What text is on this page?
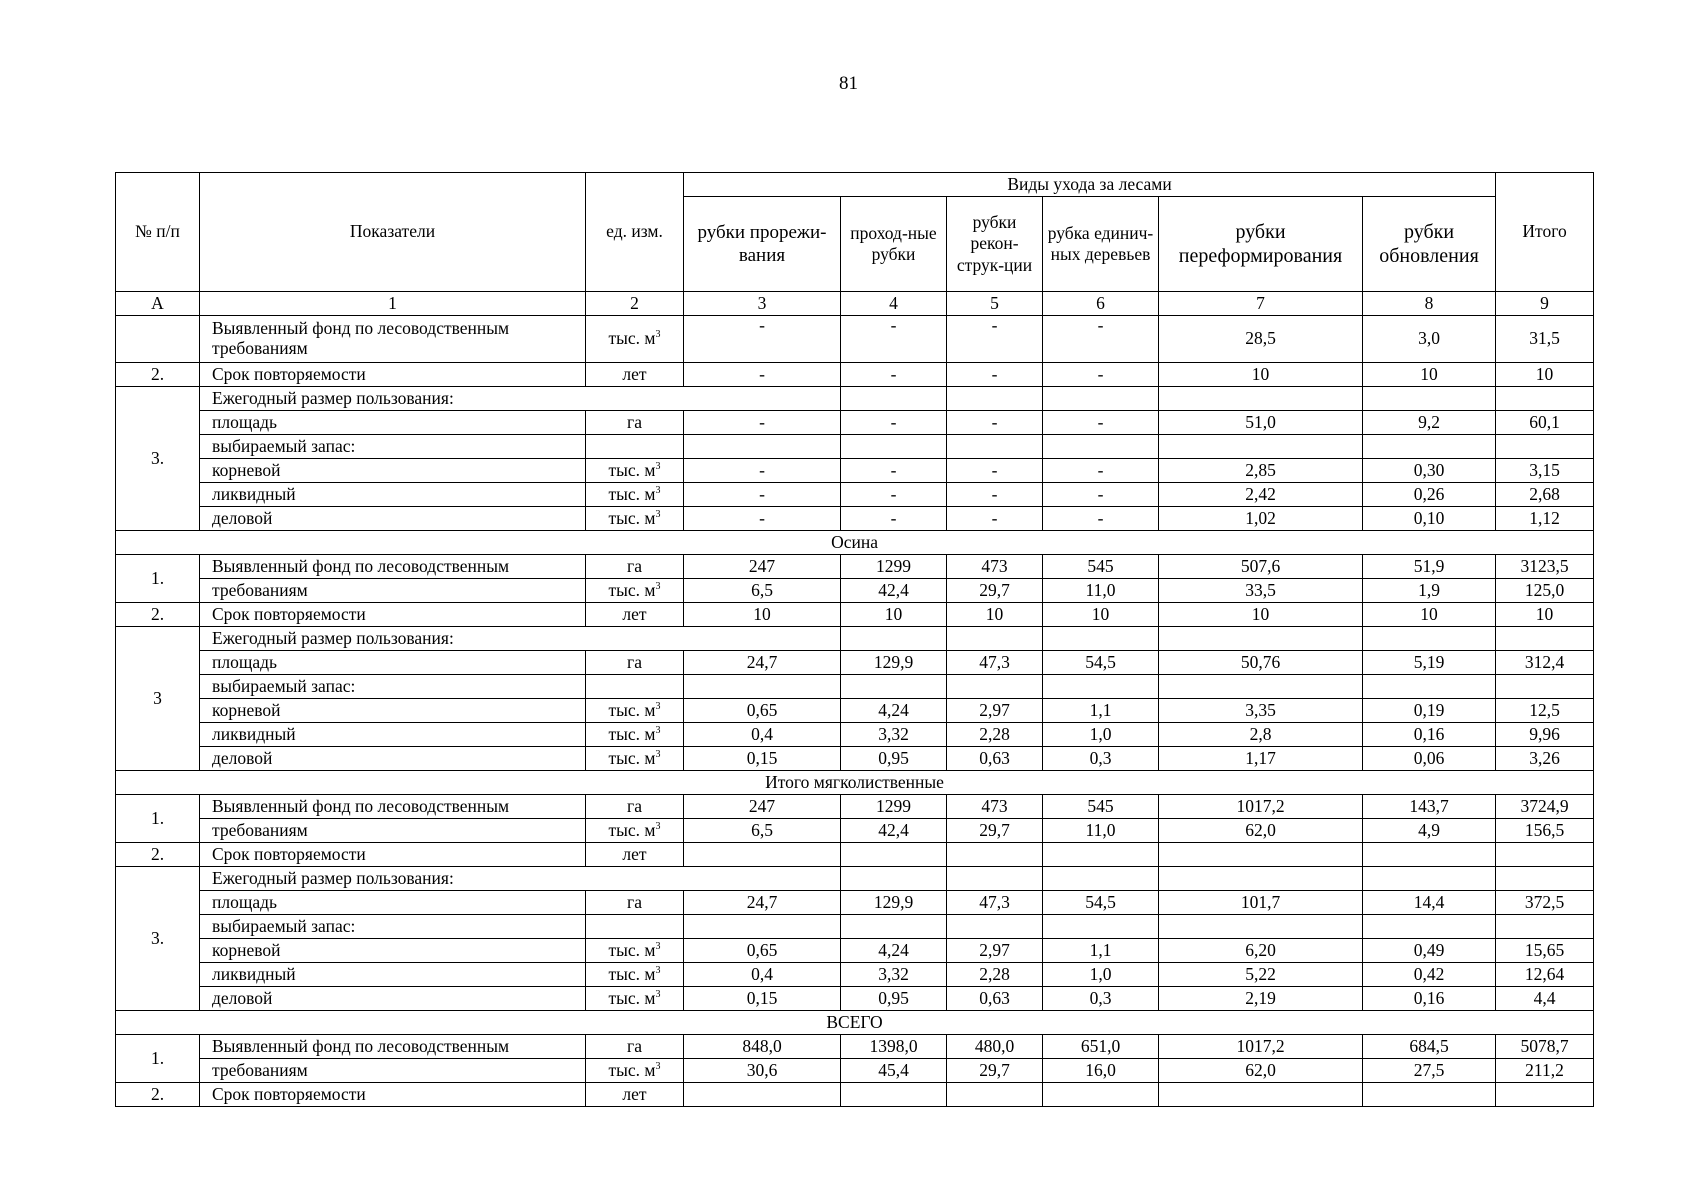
81
№ п/п	Показатели	ед. изм.	Виды ухода за лесами						Итого
			рубки прорежи-вания	проход-ные рубки	рубки рекон-струк-ции	рубка единич-ных деревьев	рубки переформирования	рубки обновления	
А	1	2	3	4	5	6	7	8	9
	Выявленный фонд по лесоводственным требованиям	тыс. $м^3$	-	-	-	-	28,5	3,0	31,5
2.	Срок повторяемости	лет	-	-	-	-	10	10	10
3.	Ежегодный размер пользования:								
	площадь	га	-	-	-	-	51,0	9,2	60,1
	выбираемый запас:								
	корневой	тыс. $м^3$	-	-	-	-	2,85	0,30	3,15
	ликвидный	тыс. $м^3$	-	-	-	-	2,42	0,26	2,68
	деловой	тыс. $м^3$	-	-	-	-	1,02	0,10	1,12
Осина									
1.	Выявленный фонд по лесоводственным	га	247	1299	473	545	507,6	51,9	3123,5
	требованиям	тыс. $м^3$	6,5	42,4	29,7	11,0	33,5	1,9	125,0
2.	Срок повторяемости	лет	10	10	10	10	10	10	10
3	Ежегодный размер пользования:								
	площадь	га	24,7	129,9	47,3	54,5	50,76	5,19	312,4
	выбираемый запас:								
	корневой	тыс. $м^3$	0,65	4,24	2,97	1,1	3,35	0,19	12,5
	ликвидный	тыс. $м^3$	0,4	3,32	2,28	1,0	2,8	0,16	9,96
	деловой	тыс. $м^3$	0,15	0,95	0,63	0,3	1,17	0,06	3,26
Итого мягколиственные									
1.	Выявленный фонд по лесоводственным	га	247	1299	473	545	1017,2	143,7	3724,9
	требованиям	тыс. $м^3$	6,5	42,4	29,7	11,0	62,0	4,9	156,5
2.	Срок повторяемости	лет							
3.	Ежегодный размер пользования:								
	площадь	га	24,7	129,9	47,3	54,5	101,7	14,4	372,5
	выбираемый запас:								
	корневой	тыс. $м^3$	0,65	4,24	2,97	1,1	6,20	0,49	15,65
	ликвидный	тыс. $м^3$	0,4	3,32	2,28	1,0	5,22	0,42	12,64
	деловой	тыс. $м^3$	0,15	0,95	0,63	0,3	2,19	0,16	4,4
ВСЕГО									
1.	Выявленный фонд по лесоводственным	га	848,0	1398,0	480,0	651,0	1017,2	684,5	5078,7
	требованиям	тыс. $м^3$	30,6	45,4	29,7	16,0	62,0	27,5	211,2
2.	Срок повторяемости	лет							
